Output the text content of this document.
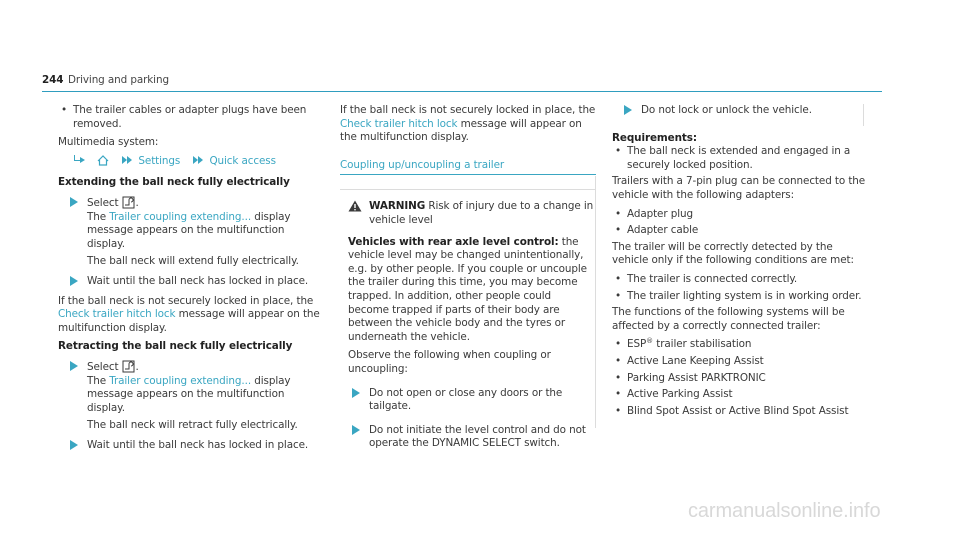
244 Driving and parking
• The trailer cables or adapter plugs have been removed.
Multimedia system:
Settings	Quick access
Extending the ball neck fully electrically
Select .
The Trailer coupling extending... display message appears on the multifunction display.
The ball neck will extend fully electrically.
Wait until the ball neck has locked in place.
If the ball neck is not securely locked in place, the Check trailer hitch lock message will appear on the multifunction display.
Retracting the ball neck fully electrically
Select .
The Trailer coupling extending... display message appears on the multifunction display.
The ball neck will retract fully electrically.
Wait until the ball neck has locked in place.
If the ball neck is not securely locked in place, the Check trailer hitch lock message will appear on the multifunction display.
Coupling up/uncoupling a trailer
WARNING Risk of injury due to a change in vehicle level
Vehicles with rear axle level control: the vehicle level may be changed unintentionally, e.g. by other people. If you couple or uncouple the trailer during this time, you may become trapped. In addition, other people could become trapped if parts of their body are between the vehicle body and the tyres or underneath the vehicle.
Observe the following when coupling or uncoupling:
Do not open or close any doors or the tailgate.
Do not initiate the level control and do not operate the DYNAMIC SELECT switch.
Do not lock or unlock the vehicle.
Requirements:
• The ball neck is extended and engaged in a securely locked position.
Trailers with a 7-pin plug can be connected to the vehicle with the following adapters:
• Adapter plug
• Adapter cable
The trailer will be correctly detected by the vehicle only if the following conditions are met:
• The trailer is connected correctly.
• The trailer lighting system is in working order.
The functions of the following systems will be affected by a correctly connected trailer:
• ESP® trailer stabilisation
• Active Lane Keeping Assist
• Parking Assist PARKTRONIC
• Active Parking Assist
• Blind Spot Assist or Active Blind Spot Assist
carmanualsonline.info
